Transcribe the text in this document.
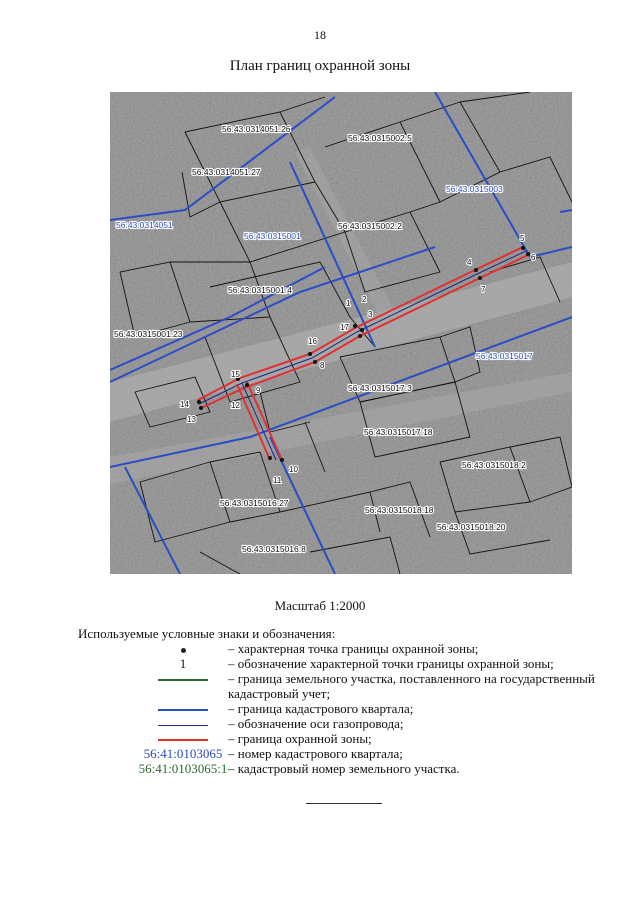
18
План границ охранной зоны
56:43:0314051:26
56:43:0314051:27
56:43:0315002:5
56:43:0315002:2
56:43:0315001:4
56:43:0315001:23
56:43:0315017:3
56:43:0315017:18
56:43:0315018:2
56:43:0315016:27
56:43:0315018:18
56:43:0315018:20
56:43:0315016:8
56:43:0315003
56:43:0314051
56:43:0315001
56:43:0315017
1 2
3
4
5
6
7
8
9
10
11
12
13
14
15
16
17
Масштаб 1:2000
Используемые условные знаки и обозначения:
– характерная точка границы охранной зоны;
1	– обозначение характерной точки границы охранной зоны;
– граница земельного участка, поставленного на государственный кадастровый учет;
– граница кадастрового квартала;
– обозначение оси газопровода;
– граница охранной зоны;
56:41:0103065 – номер кадастрового квартала;
56:41:0103065:1 – кадастровый номер земельного участка.
